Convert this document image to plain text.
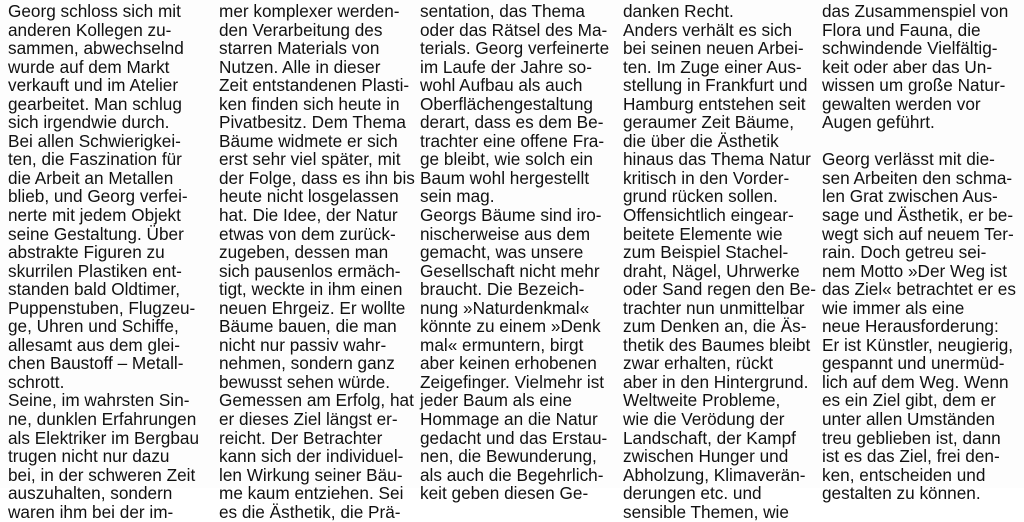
Georg schloss sich mit
anderen Kollegen zu-
sammen, abwechselnd
wurde auf dem Markt
verkauft und im Atelier
gearbeitet. Man schlug
sich irgendwie durch.
Bei allen Schwierigkei-
ten, die Faszination für
die Arbeit an Metallen
blieb, und Georg verfei-
nerte mit jedem Objekt
seine Gestaltung. Über
abstrakte Figuren zu
skurrilen Plastiken ent-
standen bald Oldtimer,
Puppenstuben, Flugzeu-
ge, Uhren und Schiffe,
allesamt aus dem glei-
chen Baustoff – Metall-
schrott.
Seine, im wahrsten Sin-
ne, dunklen Erfahrungen
als Elektriker im Bergbau
trugen nicht nur dazu
bei, in der schweren Zeit
auszuhalten, sondern
waren ihm bei der im-
mer komplexer werden-
den Verarbeitung des
starren Materials von
Nutzen. Alle in dieser
Zeit entstandenen Plasti-
ken finden sich heute in
Pivatbesitz. Dem Thema
Bäume widmete er sich
erst sehr viel später, mit
der Folge, dass es ihn bis
heute nicht losgelassen
hat. Die Idee, der Natur
etwas von dem zurück-
zugeben, dessen man
sich pausenlos ermäch-
tigt, weckte in ihm einen
neuen Ehrgeiz. Er wollte
Bäume bauen, die man
nicht nur passiv wahr-
nehmen, sondern ganz
bewusst sehen würde.
Gemessen am Erfolg, hat
er dieses Ziel längst er-
reicht. Der Betrachter
kann sich der individuel-
len Wirkung seiner Bäu-
me kaum entziehen. Sei
es die Ästhetik, die Prä-
sentation, das Thema
oder das Rätsel des Ma-
terials. Georg verfeinerte
im Laufe der Jahre so-
wohl Aufbau als auch
Oberflächengestaltung
derart, dass es dem Be-
trachter eine offene Fra-
ge bleibt, wie solch ein
Baum wohl hergestellt
sein mag.
Georgs Bäume sind iro-
nischerweise aus dem
gemacht, was unsere
Gesellschaft nicht mehr
braucht. Die Bezeich-
nung »Naturdenkmal«
könnte zu einem »Denk
mal« ermuntern, birgt
aber keinen erhobenen
Zeigefinger. Vielmehr ist
jeder Baum als eine
Hommage an die Natur
gedacht und das Erstau-
nen, die Bewunderung,
als auch die Begehrlich-
keit geben diesen Ge-
danken Recht.
Anders verhält es sich
bei seinen neuen Arbei-
ten. Im Zuge einer Aus-
stellung in Frankfurt und
Hamburg entstehen seit
geraumer Zeit Bäume,
die über die Ästhetik
hinaus das Thema Natur
kritisch in den Vorder-
grund rücken sollen.
Offensichtlich eingear-
beitete Elemente wie
zum Beispiel Stachel-
draht, Nägel, Uhrwerke
oder Sand regen den Be-
trachter nun unmittelbar
zum Denken an, die Äs-
thetik des Baumes bleibt
zwar erhalten, rückt
aber in den Hintergrund.
Weltweite Probleme,
wie die Verödung der
Landschaft, der Kampf
zwischen Hunger und
Abholzung, Klimaverän-
derungen etc. und
sensible Themen, wie
das Zusammenspiel von
Flora und Fauna, die
schwindende Vielfältig-
keit oder aber das Un-
wissen um große Natur-
gewalten werden vor
Augen geführt.
Georg verlässt mit die-
sen Arbeiten den schma-
len Grat zwischen Aus-
sage und Ästhetik, er be-
wegt sich auf neuem Ter-
rain. Doch getreu sei-
nem Motto »Der Weg ist
das Ziel« betrachtet er es
wie immer als eine
neue Herausforderung:
Er ist Künstler, neugierig,
gespannt und unermüd-
lich auf dem Weg. Wenn
es ein Ziel gibt, dem er
unter allen Umständen
treu geblieben ist, dann
ist es das Ziel, frei den-
ken, entscheiden und
gestalten zu können.
